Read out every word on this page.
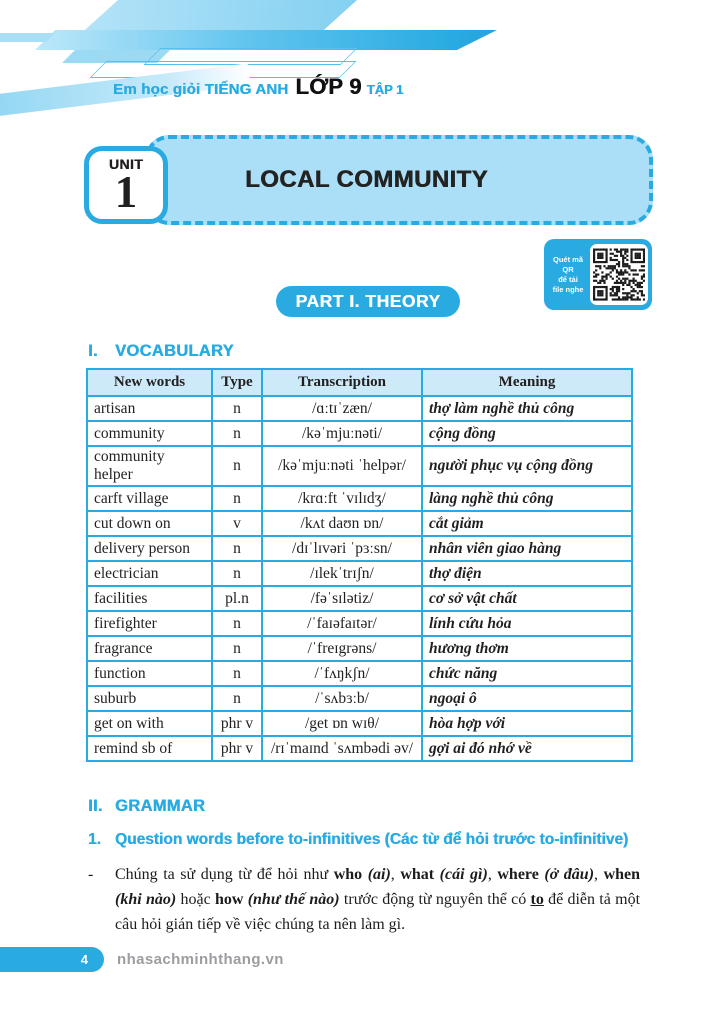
Em học giỏi TIẾNG ANH LỚP 9 TẬP 1
LOCAL COMMUNITY
UNIT
1
Quét mã
QR
để tải
file nghe
PART I. THEORY
I.	VOCABULARY
New words	Type	Transcription	Meaning
artisan	n	/ɑːtɪˈzæn/	thợ làm nghề thủ công
community	n	/kəˈmjuːnəti/	cộng đồng
community helper	n	/kəˈmjuːnəti ˈhelpər/	người phục vụ cộng đồng
carft village	n	/krɑːft ˈvɪlɪdʒ/	làng nghề thủ công
cut down on	v	/kʌt daʊn ɒn/	cắt giảm
delivery person	n	/dɪˈlɪvəri ˈpɜːsn/	nhân viên giao hàng
electrician	n	/ɪlekˈtrɪʃn/	thợ điện
facilities	pl.n	/fəˈsɪlətiz/	cơ sở vật chất
firefighter	n	/ˈfaɪəfaɪtər/	lính cứu hỏa
fragrance	n	/ˈfreɪgrəns/	hương thơm
function	n	/ˈfʌŋkʃn/	chức năng
suburb	n	/ˈsʌbɜːb/	ngoại ô
get on with	phr v	/get ɒn wɪθ/	hòa hợp với
remind sb of	phr v	/rɪˈmaɪnd ˈsʌmbədi əv/	gợi ai đó nhớ về
II. GRAMMAR
1. Question words before to-infinitives (Các từ để hỏi trước to-infinitive)
-	Chúng ta sử dụng từ để hỏi như who (ai), what (cái gì), where (ở đâu), when (khi nào) hoặc how (như thế nào) trước động từ nguyên thể có to để diễn tả một câu hỏi gián tiếp về việc chúng ta nên làm gì.

4 nhasachminhthang.vn
